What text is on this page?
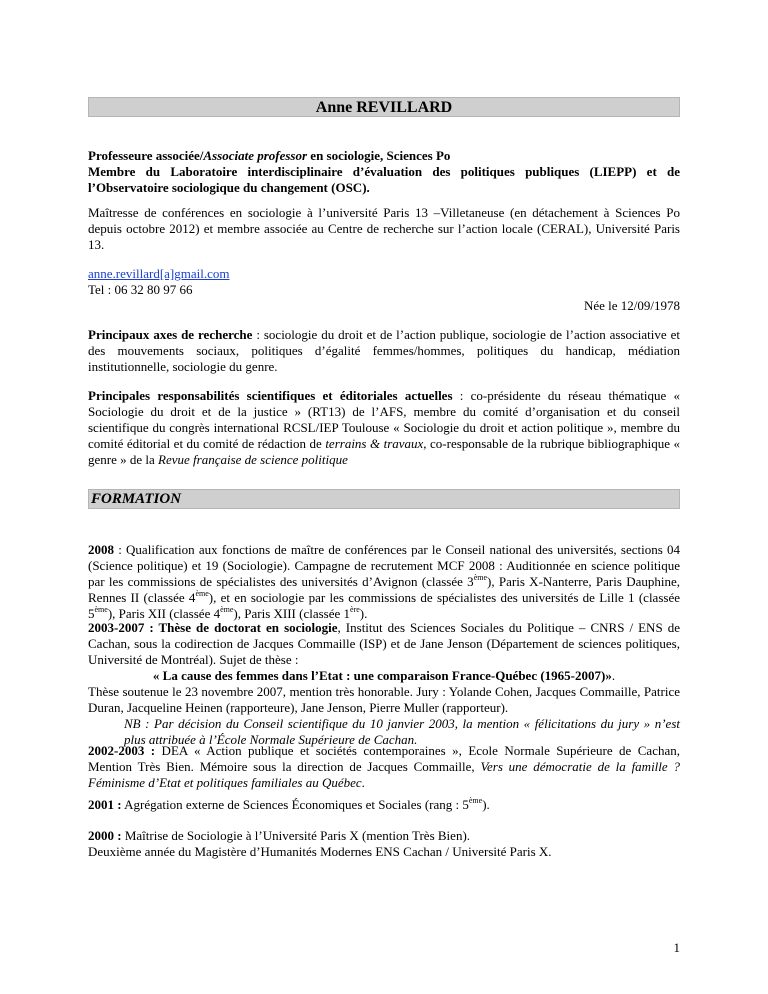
Anne REVILLARD

Professeure associée/Associate professor en sociologie, Sciences Po

Membre du Laboratoire interdisciplinaire d’évaluation des politiques publiques (LIEPP) et de l’Observatoire sociologique du changement (OSC).

Maîtresse de conférences en sociologie à l’université Paris 13 –Villetaneuse (en détachement à Sciences Po depuis octobre 2012) et membre associée au Centre de recherche sur l’action locale (CERAL), Université Paris 13.

anne.revillard[a]gmail.com

Tel : 06 32 80 97 66

Née le 12/09/1978

Principaux axes de recherche : sociologie du droit et de l’action publique, sociologie de l’action associative et des mouvements sociaux, politiques d’égalité femmes/hommes, politiques du handicap, médiation institutionnelle, sociologie du genre.

Principales responsabilités scientifiques et éditoriales actuelles : co-présidente du réseau thématique « Sociologie du droit et de la justice » (RT13) de l’AFS, membre du comité d’organisation et du conseil scientifique du congrès international RCSL/IEP Toulouse « Sociologie du droit et action politique », membre du comité éditorial et du comité de rédaction de terrains & travaux, co-responsable de la rubrique bibliographique « genre » de la Revue française de science politique

FORMATION

2008 : Qualification aux fonctions de maître de conférences par le Conseil national des universités, sections 04 (Science politique) et 19 (Sociologie). Campagne de recrutement MCF 2008 : Auditionnée en science politique par les commissions de spécialistes des universités d’Avignon (classée 3ème), Paris X-Nanterre, Paris Dauphine, Rennes II (classée 4ème), et en sociologie par les commissions de spécialistes des universités de Lille 1 (classée 5ème), Paris XII (classée 4ème), Paris XIII (classée 1ère).

2003-2007 : Thèse de doctorat en sociologie, Institut des Sciences Sociales du Politique – CNRS / ENS de Cachan, sous la codirection de Jacques Commaille (ISP) et de Jane Jenson (Département de sciences politiques, Université de Montréal). Sujet de thèse :

« La cause des femmes dans l’Etat : une comparaison France-Québec (1965-2007)».

Thèse soutenue le 23 novembre 2007, mention très honorable. Jury : Yolande Cohen, Jacques Commaille, Patrice Duran, Jacqueline Heinen (rapporteure), Jane Jenson, Pierre Muller (rapporteur).

NB : Par décision du Conseil scientifique du 10 janvier 2003, la mention « félicitations du jury » n’est plus attribuée à l’École Normale Supérieure de Cachan.

2002-2003 : DEA « Action publique et sociétés contemporaines », Ecole Normale Supérieure de Cachan, Mention Très Bien. Mémoire sous la direction de Jacques Commaille, Vers une démocratie de la famille ? Féminisme d’Etat et politiques familiales au Québec.

2001 : Agrégation externe de Sciences Économiques et Sociales (rang : 5ème).

2000 : Maîtrise de Sociologie à l’Université Paris X (mention Très Bien).

Deuxième année du Magistère d’Humanités Modernes ENS Cachan / Université Paris X.

1
